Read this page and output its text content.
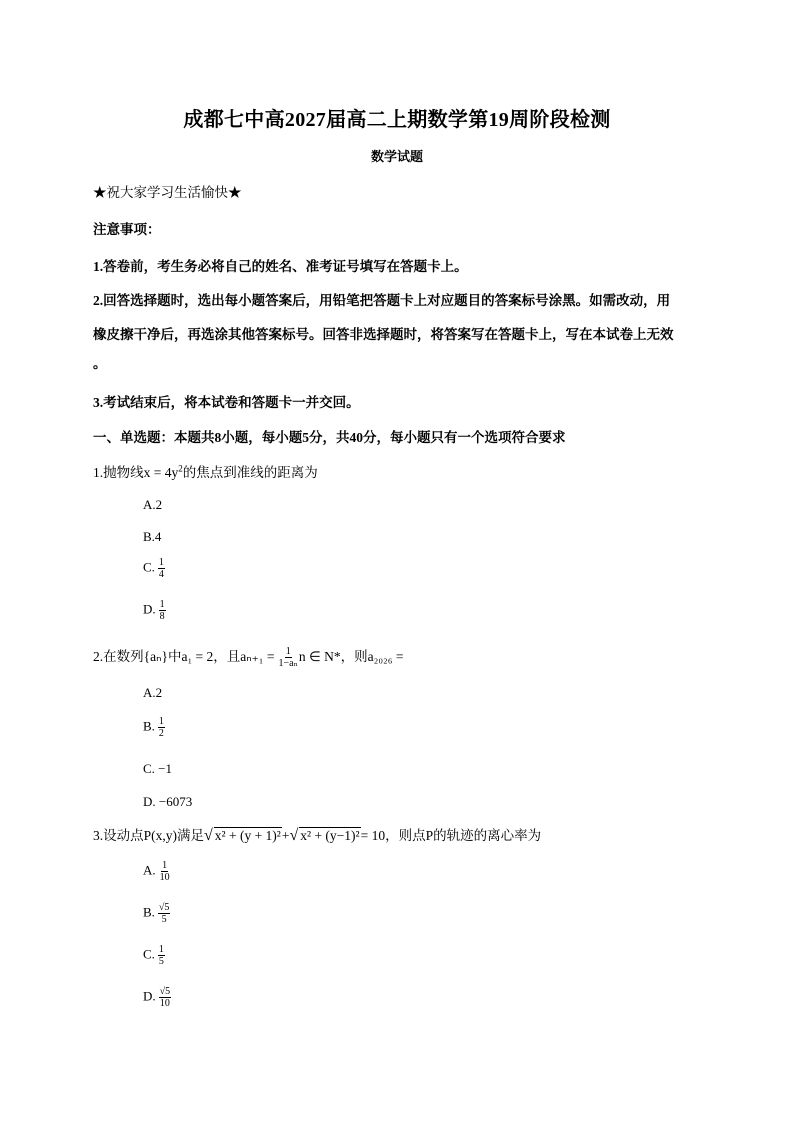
成都七中高2027届高二上期数学第19周阶段检测
数学试题
★祝大家学习生活愉快★
注意事项：
1.答卷前，考生务必将自己的姓名、准考证号填写在答题卡上。
2.回答选择题时，选出每小题答案后，用铅笔把答题卡上对应题目的答案标号涂黑。如需改动，用
橡皮擦干净后，再选涂其他答案标号。回答非选择题时，将答案写在答题卡上，写在本试卷上无效
。
3.考试结束后，将本试卷和答题卡一并交回。
一、单选题：本题共8小题，每小题5分，共40分，每小题只有一个选项符合要求
1.抛物线$x = 4y^2$的焦点到准线的距离为
A.2
B.4
C. $\frac{1}{4}$
D. $\frac{1}{8}$
2.在数列{aₙ}中a₁ = 2，且$a_{n+1} = \frac{1}{\text{1−aₙ}}$ n ∈ N*，则a₂₀₂₆ =
A.2
B. $\frac{1}{2}$
C. −1
D. −6073
3.设动点P(x,y)满足√ x² + (y + 1)²+√ x² + (y−1)²= 10，则点P的轨迹的离心率为
A. $\frac{1}{10}$
B. $\frac{√5}{5}$
C. $\frac{1}{5}$
D. $\frac{√5}{10}$
